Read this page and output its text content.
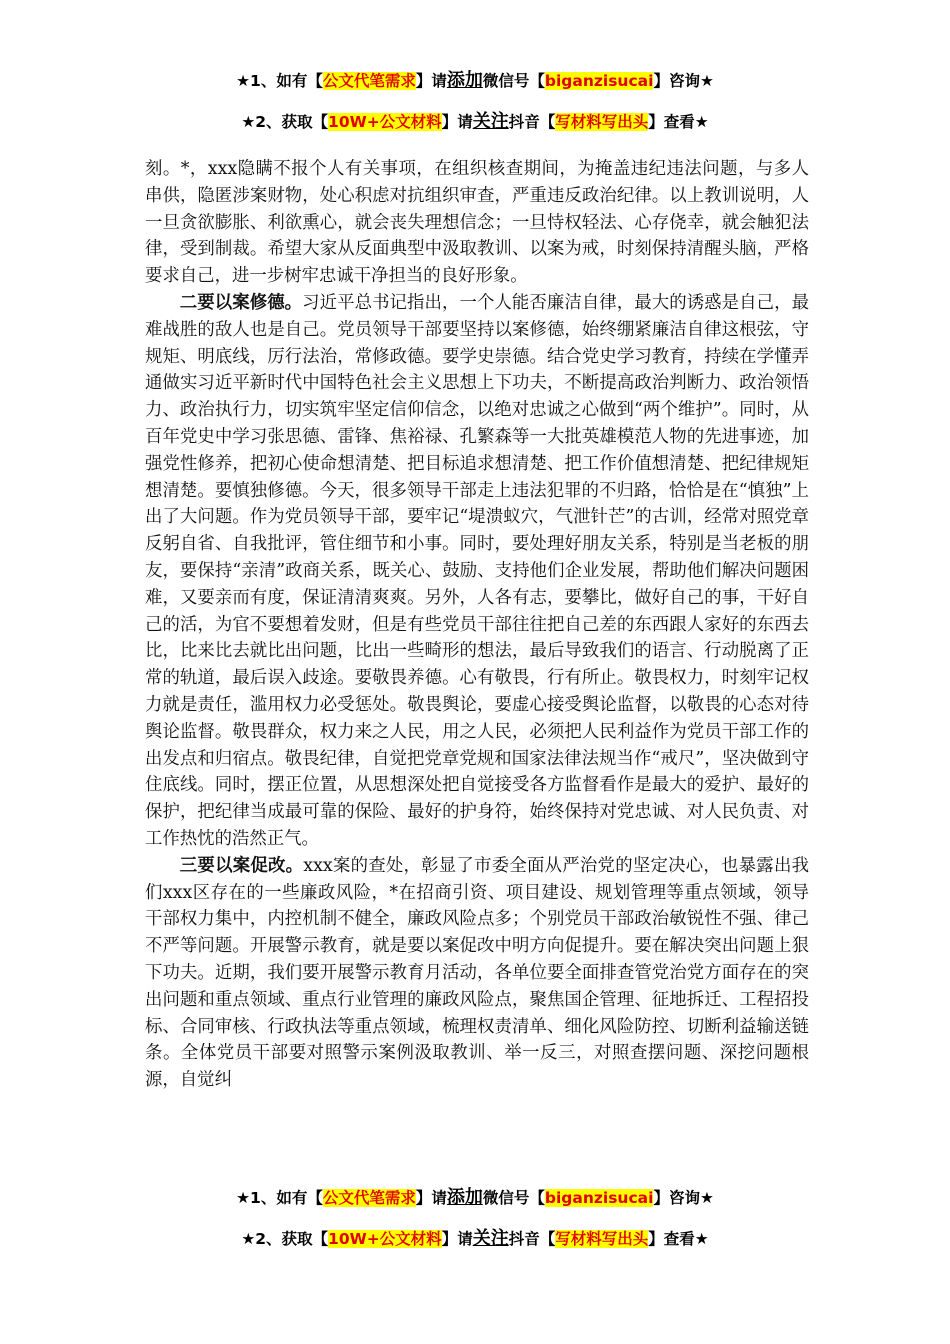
★1、如有【公文代笔需求】请添加微信号【biganzisucai】咨询★
★2、获取【10W+公文材料】请关注抖音【写材料写出头】查看★

刻。*，xxx隐瞒不报个人有关事项，在组织核查期间，为掩盖违纪违法问题，与多人串供，隐匿涉案财物，处心积虑对抗组织审查，严重违反政治纪律。以上教训说明，人一旦贪欲膨胀、利欲熏心，就会丧失理想信念；一旦恃权轻法、心存侥幸，就会触犯法律，受到制裁。希望大家从反面典型中汲取教训、以案为戒，时刻保持清醒头脑，严格要求自己，进一步树牢忠诚干净担当的良好形象。

二要以案修德。习近平总书记指出，一个人能否廉洁自律，最大的诱惑是自己，最难战胜的敌人也是自己。党员领导干部要坚持以案修德，始终绷紧廉洁自律这根弦，守规矩、明底线，厉行法治，常修政德。要学史崇德。结合党史学习教育，持续在学懂弄通做实习近平新时代中国特色社会主义思想上下功夫，不断提高政治判断力、政治领悟力、政治执行力，切实筑牢坚定信仰信念，以绝对忠诚之心做到“两个维护”。同时，从百年党史中学习张思德、雷锋、焦裕禄、孔繁森等一大批英雄模范人物的先进事迹，加强党性修养，把初心使命想清楚、把目标追求想清楚、把工作价值想清楚、把纪律规矩想清楚。要慎独修德。今天，很多领导干部走上违法犯罪的不归路，恰恰是在“慎独”上出了大问题。作为党员领导干部，要牢记“堤溃蚁穴，气泄针芒”的古训，经常对照党章反躬自省、自我批评，管住细节和小事。同时，要处理好朋友关系，特别是当老板的朋友，要保持“亲清”政商关系，既关心、鼓励、支持他们企业发展，帮助他们解决问题困难，又要亲而有度，保证清清爽爽。另外，人各有志，要攀比，做好自己的事，干好自己的活，为官不要想着发财，但是有些党员干部往往把自己差的东西跟人家好的东西去比，比来比去就比出问题，比出一些畸形的想法，最后导致我们的语言、行动脱离了正常的轨道，最后误入歧途。要敬畏养德。心有敬畏，行有所止。敬畏权力，时刻牢记权力就是责任，滥用权力必受惩处。敬畏舆论，要虚心接受舆论监督，以敬畏的心态对待舆论监督。敬畏群众，权力来之人民，用之人民，必须把人民利益作为党员干部工作的出发点和归宿点。敬畏纪律，自觉把党章党规和国家法律法规当作“戒尺”，坚决做到守住底线。同时，摆正位置，从思想深处把自觉接受各方监督看作是最大的爱护、最好的保护，把纪律当成最可靠的保险、最好的护身符，始终保持对党忠诚、对人民负责、对工作热忱的浩然正气。

三要以案促改。xxx案的查处，彰显了市委全面从严治党的坚定决心，也暴露出我们xxx区存在的一些廉政风险，*在招商引资、项目建设、规划管理等重点领域，领导干部权力集中，内控机制不健全，廉政风险点多；个别党员干部政治敏锐性不强、律己不严等问题。开展警示教育，就是要以案促改中明方向促提升。要在解决突出问题上狠下功夫。近期，我们要开展警示教育月活动，各单位要全面排查管党治党方面存在的突出问题和重点领域、重点行业管理的廉政风险点，聚焦国企管理、征地拆迁、工程招投标、合同审核、行政执法等重点领域，梳理权责清单、细化风险防控、切断利益输送链条。全体党员干部要对照警示案例汲取教训、举一反三，对照查摆问题、深挖问题根源，自觉纠

★1、如有【公文代笔需求】请添加微信号【biganzisucai】咨询★
★2、获取【10W+公文材料】请关注抖音【写材料写出头】查看★
